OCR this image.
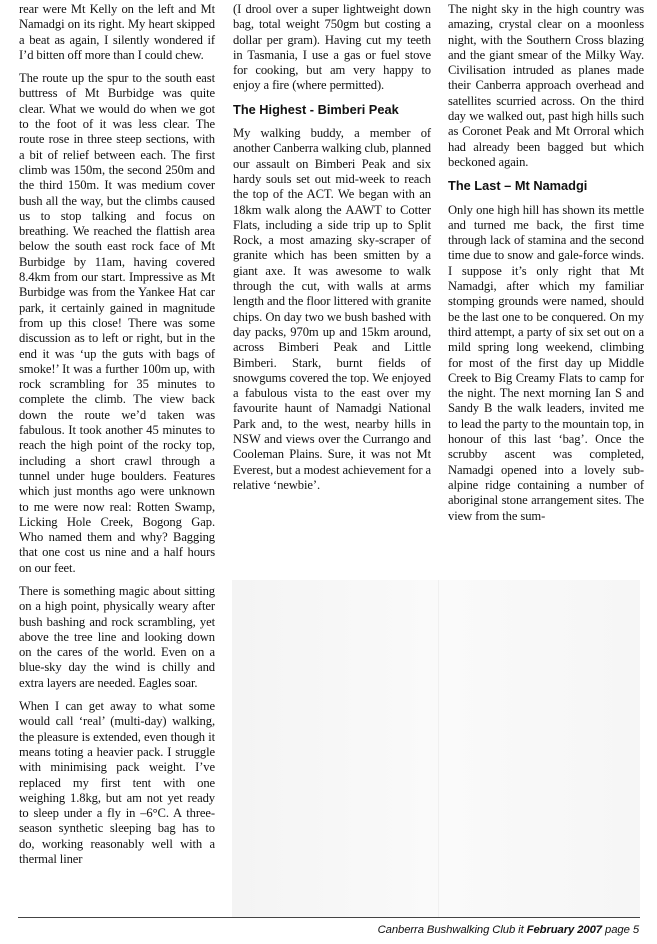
rear were Mt Kelly on the left and Mt Namadgi on its right. My heart skipped a beat as again, I silently wondered if I’d bitten off more than I could chew.

The route up the spur to the south east buttress of Mt Burbidge was quite clear. What we would do when we got to the foot of it was less clear. The route rose in three steep sections, with a bit of relief between each. The first climb was 150m, the second 250m and the third 150m. It was medium cover bush all the way, but the climbs caused us to stop talking and focus on breathing. We reached the flattish area below the south east rock face of Mt Burbidge by 11am, having covered 8.4km from our start. Impressive as Mt Burbidge was from the Yankee Hat car park, it certainly gained in magnitude from up this close! There was some discussion as to left or right, but in the end it was ‘up the guts with bags of smoke!’ It was a further 100m up, with rock scrambling for 35 minutes to complete the climb. The view back down the route we’d taken was fabulous. It took another 45 minutes to reach the high point of the rocky top, including a short crawl through a tunnel under huge boulders. Features which just months ago were unknown to me were now real: Rotten Swamp, Licking Hole Creek, Bogong Gap. Who named them and why? Bagging that one cost us nine and a half hours on our feet.

There is something magic about sitting on a high point, physically weary after bush bashing and rock scrambling, yet above the tree line and looking down on the cares of the world. Even on a blue-sky day the wind is chilly and extra layers are needed. Eagles soar.

When I can get away to what some would call ‘real’ (multi-day) walking, the pleasure is extended, even though it means toting a heavier pack. I struggle with minimising pack weight. I’ve replaced my first tent with one weighing 1.8kg, but am not yet ready to sleep under a fly in –6°C. A three-season synthetic sleeping bag has to do, working reasonably well with a thermal liner

(I drool over a super lightweight down bag, total weight 750gm but costing a dollar per gram). Having cut my teeth in Tasmania, I use a gas or fuel stove for cooking, but am very happy to enjoy a fire (where permitted).

The Highest - Bimberi Peak

My walking buddy, a member of another Canberra walking club, planned our assault on Bimberi Peak and six hardy souls set out mid-week to reach the top of the ACT. We began with an 18km walk along the AAWT to Cotter Flats, including a side trip up to Split Rock, a most amazing sky-scraper of granite which has been smitten by a giant axe. It was awesome to walk through the cut, with walls at arms length and the floor littered with granite chips. On day two we bush bashed with day packs, 970m up and 15km around, across Bimberi Peak and Little Bimberi. Stark, burnt fields of snowgums covered the top. We enjoyed a fabulous vista to the east over my favourite haunt of Namadgi National Park and, to the west, nearby hills in NSW and views over the Currango and Cooleman Plains. Sure, it was not Mt Everest, but a modest achievement for a relative ‘newbie’.

The night sky in the high country was amazing, crystal clear on a moonless night, with the Southern Cross blazing and the giant smear of the Milky Way. Civilisation intruded as planes made their Canberra approach overhead and satellites scurried across. On the third day we walked out, past high hills such as Coronet Peak and Mt Orroral which had already been bagged but which beckoned again.

The Last – Mt Namadgi

Only one high hill has shown its mettle and turned me back, the first time through lack of stamina and the second time due to snow and gale-force winds. I suppose it’s only right that Mt Namadgi, after which my familiar stomping grounds were named, should be the last one to be conquered. On my third attempt, a party of six set out on a mild spring long weekend, climbing for most of the first day up Middle Creek to Big Creamy Flats to camp for the night. The next morning Ian S and Sandy B the walk leaders, invited me to lead the party to the mountain top, in honour of this last ‘bag’. Once the scrubby ascent was completed, Namadgi opened into a lovely sub-alpine ridge containing a number of aboriginal stone arrangement sites. The view from the sum-

Canberra Bushwalking Club it February 2007 page 5
